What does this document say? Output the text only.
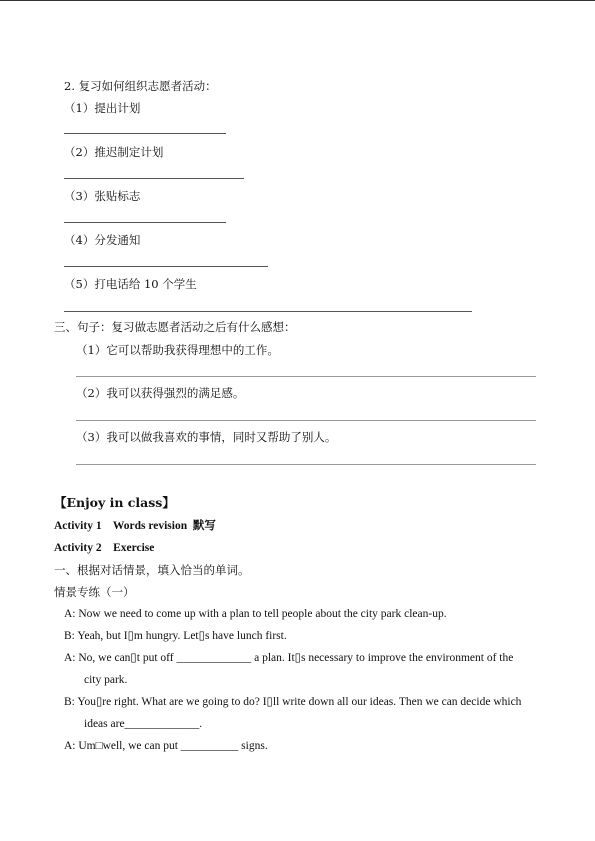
2. 复习如何组织志愿者活动：
（1）提出计划
（2）推迟制定计划
（3）张贴标志
（4）分发通知
（5）打电话给 10 个学生
三、句子：复习做志愿者活动之后有什么感想：
（1）它可以帮助我获得理想中的工作。
（2）我可以获得强烈的满足感。
（3）我可以做我喜欢的事情，同时又帮助了别人。
【Enjoy in class】
Activity 1    Words revision  默写
Activity 2    Exercise
一、根据对话情景，填入恰当的单词。
情景专练（一）
A: Now we need to come up with a plan to tell people about the city park clean-up.
B: Yeah, but I▯m hungry. Let▯s have lunch first.
A: No, we can▯t put off _____________ a plan. It▯s necessary to improve the environment of the
city park.
B: You▯re right. What are we going to do? I▯ll write down all our ideas. Then we can decide which
ideas are_____________.
A: Um□well, we can put __________ signs.
